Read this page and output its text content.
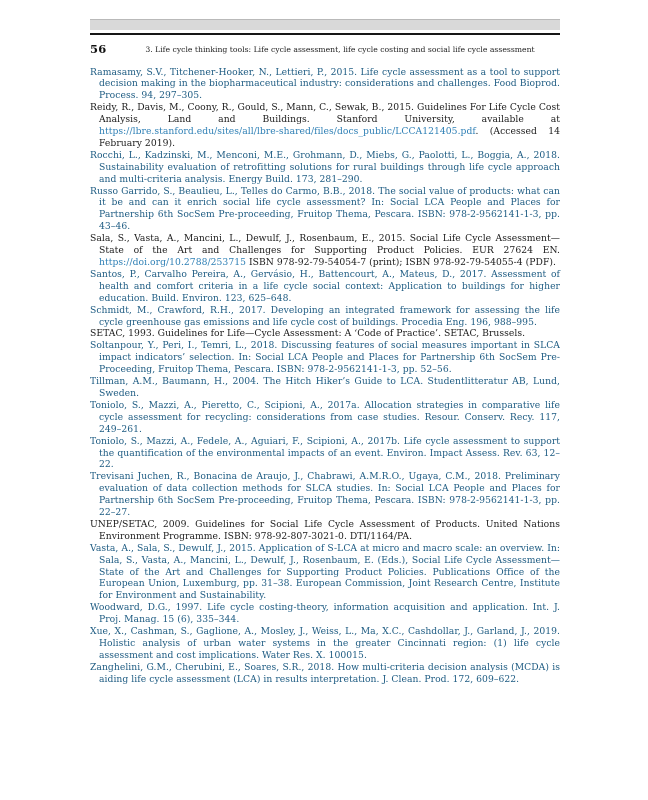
56	3. Life cycle thinking tools: Life cycle assessment, life cycle costing and social life cycle assessment

Ramasamy, S.V., Titchener-Hooker, N., Lettieri, P., 2015. Life cycle assessment as a tool to support decision making in the biopharmaceutical industry: considerations and challenges. Food Bioprod. Process. 94, 297–305.

Reidy, R., Davis, M., Coony, R., Gould, S., Mann, C., Sewak, B., 2015. Guidelines For Life Cycle Cost Analysis, Land and Buildings. Stanford University, available at https://lbre.stanford.edu/sites/all/lbre-shared/files/docs_public/LCCA121405.pdf. (Accessed 14 February 2019).

Rocchi, L., Kadzinski, M., Menconi, M.E., Grohmann, D., Miebs, G., Paolotti, L., Boggia, A., 2018. Sustainability evaluation of retrofitting solutions for rural buildings through life cycle approach and multi-criteria analysis. Energy Build. 173, 281–290.

Russo Garrido, S., Beaulieu, L., Telles do Carmo, B.B., 2018. The social value of products: what can it be and can it enrich social life cycle assessment? In: Social LCA People and Places for Partnership 6th SocSem Pre-proceeding, Fruitop Thema, Pescara. ISBN: 978-2-9562141-1-3, pp. 43–46.

Sala, S., Vasta, A., Mancini, L., Dewulf, J., Rosenbaum, E., 2015. Social Life Cycle Assessment—State of the Art and Challenges for Supporting Product Policies. EUR 27624 EN. https://doi.org/10.2788/253715 ISBN 978-92-79-54054-7 (print); ISBN 978-92-79-54055-4 (PDF).

Santos, P., Carvalho Pereira, A., Gervásio, H., Battencourt, A., Mateus, D., 2017. Assessment of health and comfort criteria in a life cycle social context: Application to buildings for higher education. Build. Environ. 123, 625–648.

Schmidt, M., Crawford, R.H., 2017. Developing an integrated framework for assessing the life cycle greenhouse gas emissions and life cycle cost of buildings. Procedia Eng. 196, 988–995.

SETAC, 1993. Guidelines for Life—Cycle Assessment: A ‘Code of Practice’. SETAC, Brussels.

Soltanpour, Y., Peri, I., Temri, L., 2018. Discussing features of social measures important in SLCA impact indicators’ selection. In: Social LCA People and Places for Partnership 6th SocSem Pre-Proceeding, Fruitop Thema, Pescara. ISBN: 978-2-9562141-1-3, pp. 52–56.

Tillman, A.M., Baumann, H., 2004. The Hitch Hiker’s Guide to LCA. Studentlitteratur AB, Lund, Sweden.

Toniolo, S., Mazzi, A., Pieretto, C., Scipioni, A., 2017a. Allocation strategies in comparative life cycle assessment for recycling: considerations from case studies. Resour. Conserv. Recy. 117, 249–261.

Toniolo, S., Mazzi, A., Fedele, A., Aguiari, F., Scipioni, A., 2017b. Life cycle assessment to support the quantification of the environmental impacts of an event. Environ. Impact Assess. Rev. 63, 12–22.

Trevisani Juchen, R., Bonacina de Araujo, J., Chabrawi, A.M.R.O., Ugaya, C.M., 2018. Preliminary evaluation of data collection methods for SLCA studies. In: Social LCA People and Places for Partnership 6th SocSem Pre-proceeding, Fruitop Thema, Pescara. ISBN: 978-2-9562141-1-3, pp. 22–27.

UNEP/SETAC, 2009. Guidelines for Social Life Cycle Assessment of Products. United Nations Environment Programme. ISBN: 978-92-807-3021-0. DTI/1164/PA.

Vasta, A., Sala, S., Dewulf, J., 2015. Application of S-LCA at micro and macro scale: an overview. In: Sala, S., Vasta, A., Mancini, L., Dewulf, J., Rosenbaum, E. (Eds.), Social Life Cycle Assessment—State of the Art and Challenges for Supporting Product Policies. Publications Office of the European Union, Luxemburg, pp. 31–38. European Commission, Joint Research Centre, Institute for Environment and Sustainability.

Woodward, D.G., 1997. Life cycle costing-theory, information acquisition and application. Int. J. Proj. Manag. 15 (6), 335–344.

Xue, X., Cashman, S., Gaglione, A., Mosley, J., Weiss, L., Ma, X.C., Cashdollar, J., Garland, J., 2019. Holistic analysis of urban water systems in the greater Cincinnati region: (1) life cycle assessment and cost implications. Water Res. X. 100015.

Zanghelini, G.M., Cherubini, E., Soares, S.R., 2018. How multi-criteria decision analysis (MCDA) is aiding life cycle assessment (LCA) in results interpretation. J. Clean. Prod. 172, 609–622.
